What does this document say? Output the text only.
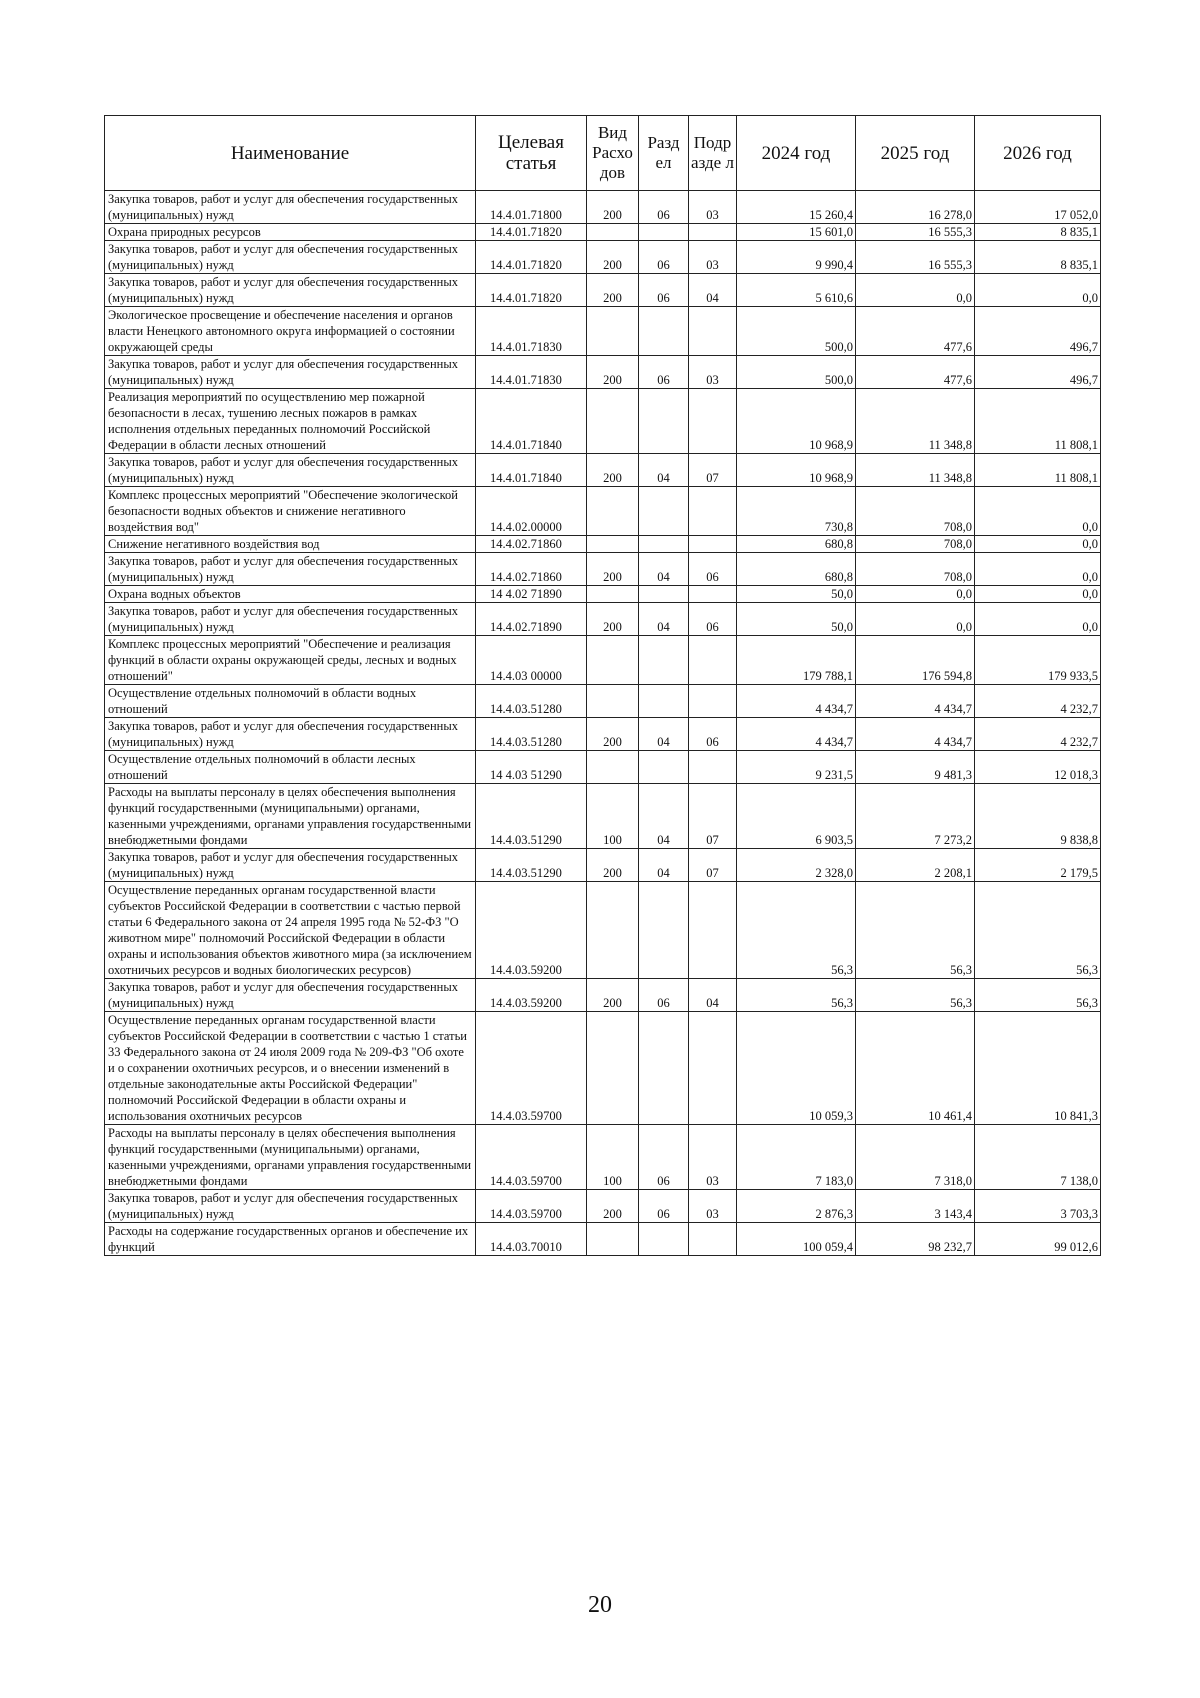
Наименование	Целевая статья	Вид Расхо дов	Разд ел	Подр азде л	2024 год	2025 год	2026 год
Закупка товаров, работ и услуг для обеспечения государственных (муниципальных) нужд	14.4.01.71800	200	06	03	15 260,4	16 278,0	17 052,0
Охрана природных ресурсов	14.4.01.71820				15 601,0	16 555,3	8 835,1
Закупка товаров, работ и услуг для обеспечения государственных (муниципальных) нужд	14.4.01.71820	200	06	03	9 990,4	16 555,3	8 835,1
Закупка товаров, работ и услуг для обеспечения государственных (муниципальных) нужд	14.4.01.71820	200	06	04	5 610,6	0,0	0,0
Экологическое просвещение и обеспечение населения и органов власти Ненецкого автономного округа информацией о состоянии окружающей среды	14.4.01.71830				500,0	477,6	496,7
Закупка товаров, работ и услуг для обеспечения государственных (муниципальных) нужд	14.4.01.71830	200	06	03	500,0	477,6	496,7
Реализация мероприятий по осуществлению мер пожарной безопасности в лесах, тушению лесных пожаров в рамках исполнения отдельных переданных полномочий Российской Федерации в области лесных отношений	14.4.01.71840				10 968,9	11 348,8	11 808,1
Закупка товаров, работ и услуг для обеспечения государственных (муниципальных) нужд	14.4.01.71840	200	04	07	10 968,9	11 348,8	11 808,1
Комплекс процессных мероприятий "Обеспечение экологической безопасности водных объектов и снижение негативного воздействия вод"	14.4.02.00000				730,8	708,0	0,0
Снижение негативного воздействия вод	14.4.02.71860				680,8	708,0	0,0
Закупка товаров, работ и услуг для обеспечения государственных (муниципальных) нужд	14.4.02.71860	200	04	06	680,8	708,0	0,0
Охрана водных объектов	14 4.02 71890				50,0	0,0	0,0
Закупка товаров, работ и услуг для обеспечения государственных (муниципальных) нужд	14.4.02.71890	200	04	06	50,0	0,0	0,0
Комплекс процессных мероприятий "Обеспечение и реализация функций в области охраны окружающей среды, лесных и водных отношений"	14.4.03 00000				179 788,1	176 594,8	179 933,5
Осуществление отдельных полномочий в области водных отношений	14.4.03.51280				4 434,7	4 434,7	4 232,7
Закупка товаров, работ и услуг для обеспечения государственных (муниципальных) нужд	14.4.03.51280	200	04	06	4 434,7	4 434,7	4 232,7
Осуществление отдельных полномочий в области лесных отношений	14 4.03 51290				9 231,5	9 481,3	12 018,3
Расходы на выплаты персоналу в целях обеспечения выполнения функций государственными (муниципальными) органами, казенными учреждениями, органами управления государственными внебюджетными фондами	14.4.03.51290	100	04	07	6 903,5	7 273,2	9 838,8
Закупка товаров, работ и услуг для обеспечения государственных (муниципальных) нужд	14.4.03.51290	200	04	07	2 328,0	2 208,1	2 179,5
Осуществление переданных органам государственной власти субъектов Российской Федерации в соответствии с частью первой статьи 6 Федерального закона от 24 апреля 1995 года № 52-ФЗ "О животном мире" полномочий Российской Федерации в области охраны и использования объектов животного мира (за исключением охотничьих ресурсов и водных биологических ресурсов)	14.4.03.59200				56,3	56,3	56,3
Закупка товаров, работ и услуг для обеспечения государственных (муниципальных) нужд	14.4.03.59200	200	06	04	56,3	56,3	56,3
Осуществление переданных органам государственной власти субъектов Российской Федерации в соответствии с частью 1 статьи 33 Федерального закона от 24 июля 2009 года № 209-ФЗ "Об охоте и о сохранении охотничьих ресурсов, и о внесении изменений в отдельные законодательные акты Российской Федерации" полномочий Российской Федерации в области охраны и использования охотничьих ресурсов	14.4.03.59700				10 059,3	10 461,4	10 841,3
Расходы на выплаты персоналу в целях обеспечения выполнения функций государственными (муниципальными) органами, казенными учреждениями, органами управления государственными внебюджетными фондами	14.4.03.59700	100	06	03	7 183,0	7 318,0	7 138,0
Закупка товаров, работ и услуг для обеспечения государственных (муниципальных) нужд	14.4.03.59700	200	06	03	2 876,3	3 143,4	3 703,3
Расходы на содержание государственных органов и обеспечение их функций	14.4.03.70010				100 059,4	98 232,7	99 012,6
20
